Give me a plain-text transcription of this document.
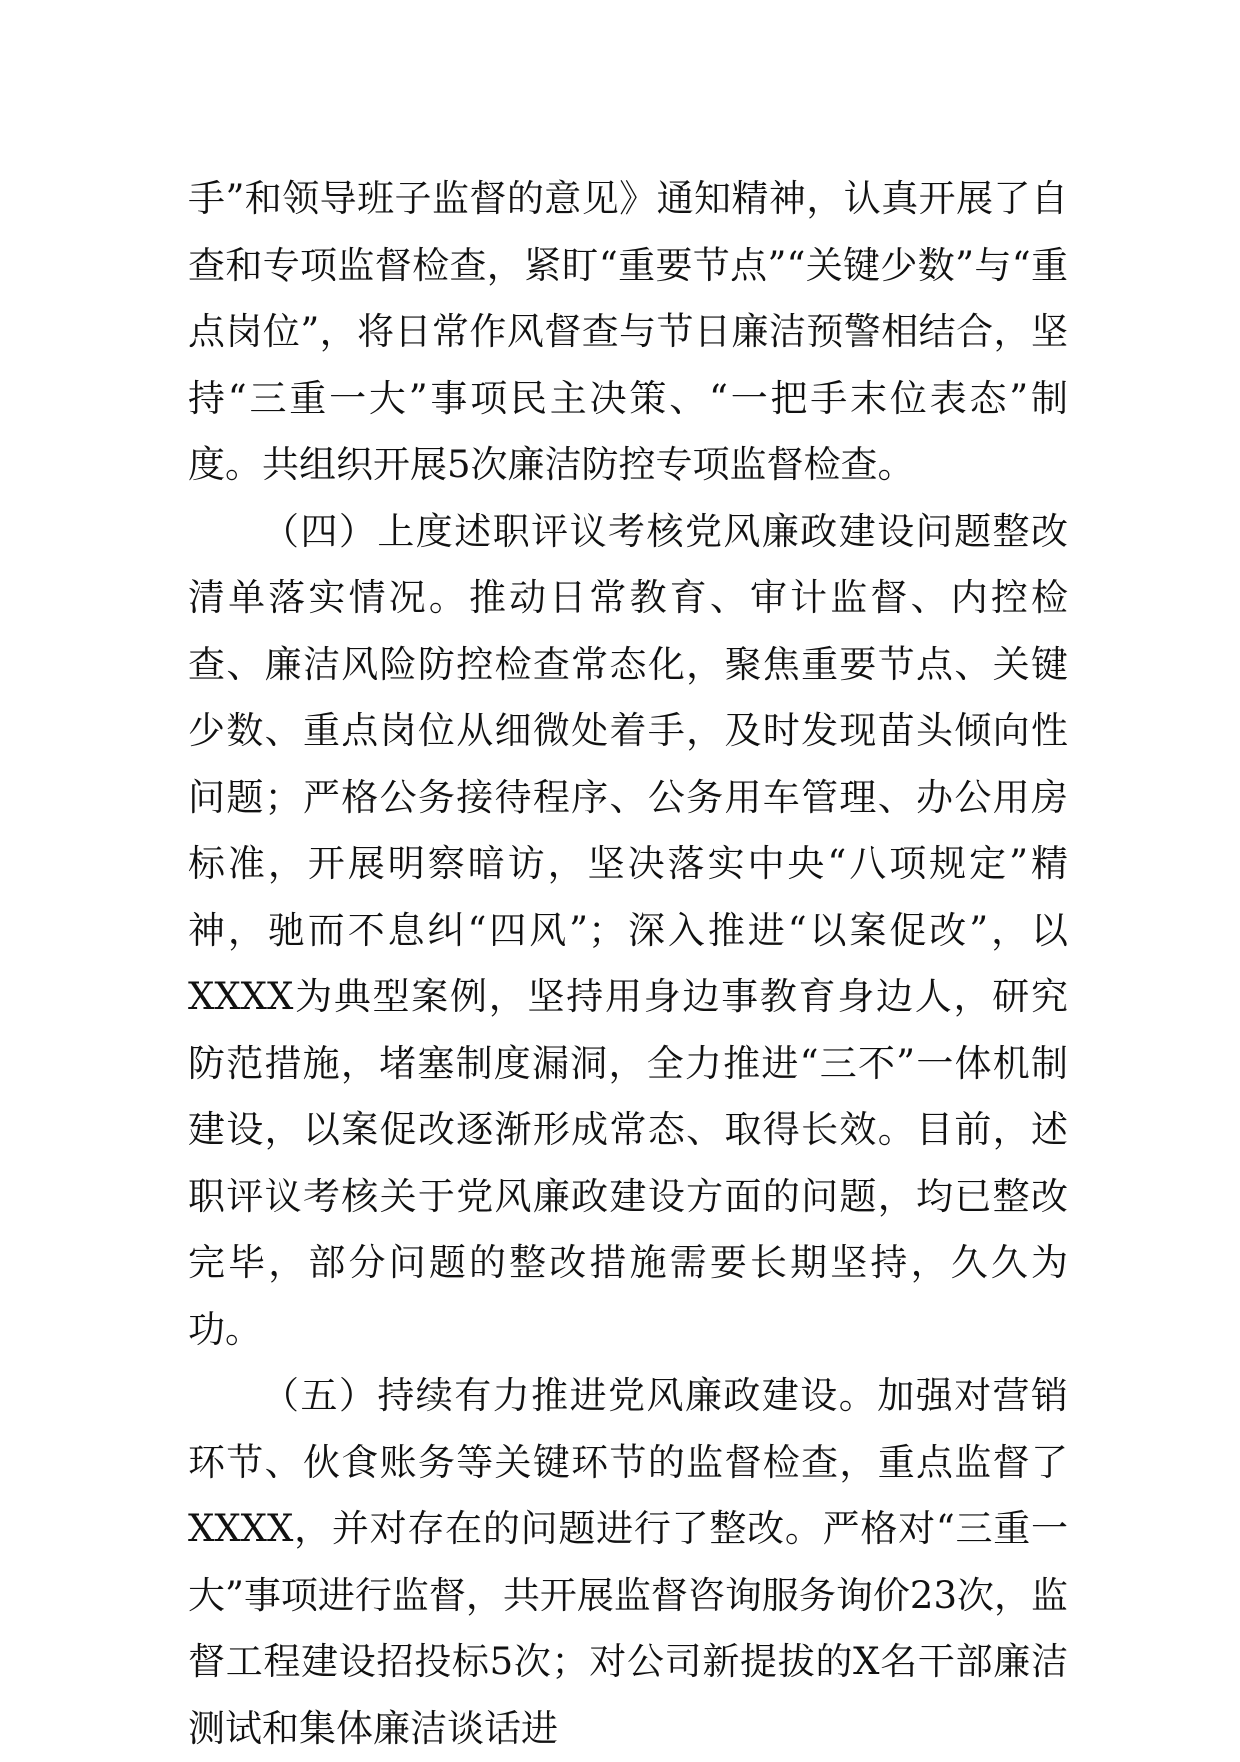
手”和领导班子监督的意见》通知精神，认真开展了自查和专项监督检查，紧盯“重要节点”“关键少数”与“重点岗位”，将日常作风督查与节日廉洁预警相结合，坚持“三重一大”事项民主决策、“一把手末位表态”制度。共组织开展5次廉洁防控专项监督检查。

（四）上度述职评议考核党风廉政建设问题整改清单落实情况。推动日常教育、审计监督、内控检查、廉洁风险防控检查常态化，聚焦重要节点、关键少数、重点岗位从细微处着手，及时发现苗头倾向性问题；严格公务接待程序、公务用车管理、办公用房标准，开展明察暗访，坚决落实中央“八项规定”精神，驰而不息纠“四风”；深入推进“以案促改”，以XXXX为典型案例，坚持用身边事教育身边人，研究防范措施，堵塞制度漏洞，全力推进“三不”一体机制建设，以案促改逐渐形成常态、取得长效。目前，述职评议考核关于党风廉政建设方面的问题，均已整改完毕，部分问题的整改措施需要长期坚持，久久为功。

（五）持续有力推进党风廉政建设。加强对营销环节、伙食账务等关键环节的监督检查，重点监督了XXXX，并对存在的问题进行了整改。严格对“三重一大”事项进行监督，共开展监督咨询服务询价23次，监督工程建设招投标5次；对公司新提拔的X名干部廉洁测试和集体廉洁谈话进
